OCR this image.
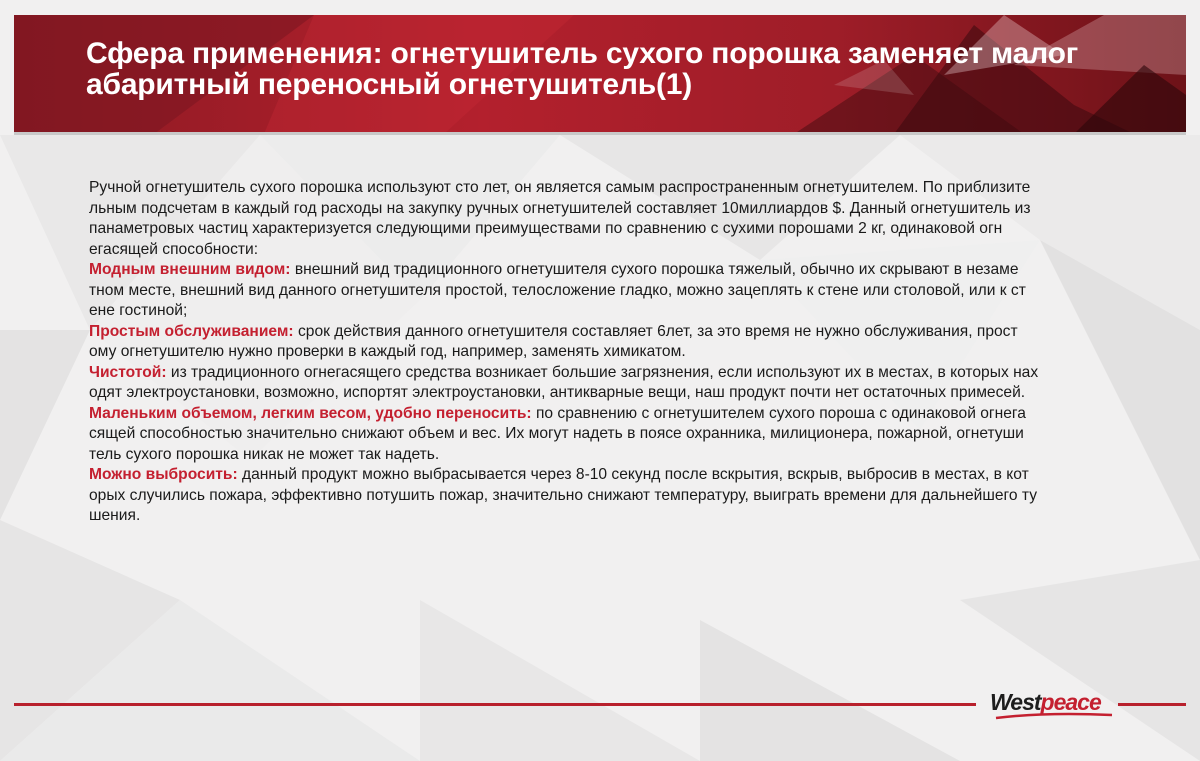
Сфера применения: огнетушитель сухого порошка заменяет малог
абаритный переносный огнетушитель(1)

Ручной огнетушитель сухого порошка используют сто лет, он является самым распространенным огнетушителем. По приблизите
льным подсчетам в каждый год расходы на закупку ручных огнетушителей составляет 10миллиардов $. Данный огнетушитель из
панаметровых частиц характеризуется следующими преимуществами по сравнению с сухими порошами 2 кг, одинаковой огн
егасящей способности:

Модным внешним видом: внешний вид традиционного огнетушителя сухого порошка тяжелый, обычно их скрывают в незаме
тном месте, внешний вид данного огнетушителя простой, телосложение гладко, можно зацеплять к стене или столовой, или к ст
ене гостиной;

Простым обслуживанием: срок действия данного огнетушителя составляет 6лет, за это время не нужно обслуживания, прост
ому огнетушителю нужно проверки в каждый год, например, заменять химикатом.

Чистотой: из традиционного огнегасящего средства возникает большие загрязнения, если используют их в местах, в которых нах
одят электроустановки, возможно, испортят электроустановки, антикварные вещи, наш продукт почти нет остаточных примесей.

Маленьким объемом, легким весом, удобно переносить: по сравнению с огнетушителем сухого пороша с одинаковой огнега
сящей способностью значительно снижают объем и вес. Их могут надеть в поясе охранника, милиционера, пожарной, огнетуши
тель сухого порошка никак не может так надеть.

Можно выбросить: данный продукт можно выбрасывается через 8-10 секунд после вскрытия, вскрыв, выбросив в местах, в кот
орых случились пожара, эффективно потушить пожар, значительно снижают температуру, выиграть времени для дальнейшего ту
шения.

Westpeace
